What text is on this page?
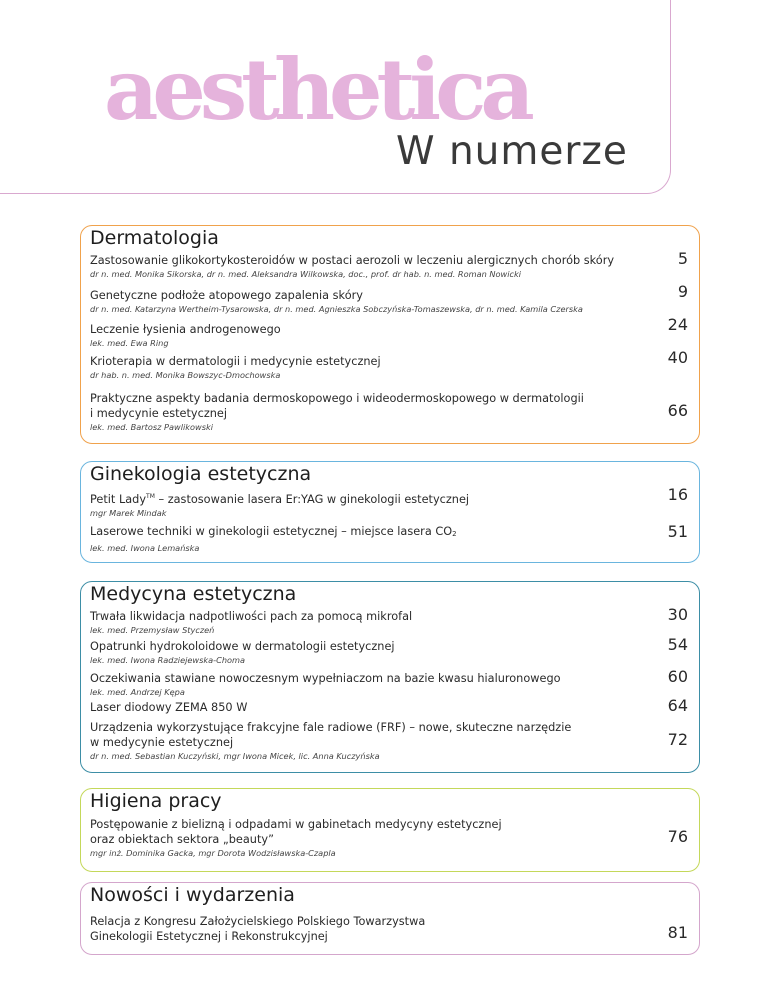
aesthetica
W numerze
Dermatologia
Zastosowanie glikokortykosteroidów w postaci aerozoli w leczeniu alergicznych chorób skóry
dr n. med. Monika Sikorska, dr n. med. Aleksandra Wilkowska, doc., prof. dr hab. n. med. Roman Nowicki
5
Genetyczne podłoże atopowego zapalenia skóry
dr n. med. Katarzyna Wertheim-Tysarowska, dr n. med. Agnieszka Sobczyńska-Tomaszewska, dr n. med. Kamila Czerska
9
Leczenie łysienia androgenowego
lek. med. Ewa Ring
24
Krioterapia w dermatologii i medycynie estetycznej
dr hab. n. med. Monika Bowszyc-Dmochowska
40
Praktyczne aspekty badania dermoskopowego i wideodermoskopowego w dermatologii
i medycynie estetycznej
lek. med. Bartosz Pawlikowski
66
Ginekologia estetyczna
Petit Lady™ – zastosowanie lasera Er:YAG w ginekologii estetycznej
mgr Marek Mindak
16
Laserowe techniki w ginekologii estetycznej – miejsce lasera $CO_2$
lek. med. Iwona Lemańska
51
Medycyna estetyczna
Trwała likwidacja nadpotliwości pach za pomocą mikrofal
lek. med. Przemysław Styczeń
30
Opatrunki hydrokoloidowe w dermatologii estetycznej
lek. med. Iwona Radziejewska-Choma
54
Oczekiwania stawiane nowoczesnym wypełniaczom na bazie kwasu hialuronowego
lek. med. Andrzej Kępa
60
Laser diodowy ZEMA 850 W	64
Urządzenia wykorzystujące frakcyjne fale radiowe (FRF) – nowe, skuteczne narzędzie
w medycynie estetycznej
dr n. med. Sebastian Kuczyński, mgr Iwona Micek, lic. Anna Kuczyńska
72
Higiena pracy
Postępowanie z bielizną i odpadami w gabinetach medycyny estetycznej
oraz obiektach sektora „beauty”
mgr inż. Dominika Gacka, mgr Dorota Wodzisławska-Czapla
76
Nowości i wydarzenia
Relacja z Kongresu Założycielskiego Polskiego Towarzystwa
Ginekologii Estetycznej i Rekonstrukcyjnej	81
